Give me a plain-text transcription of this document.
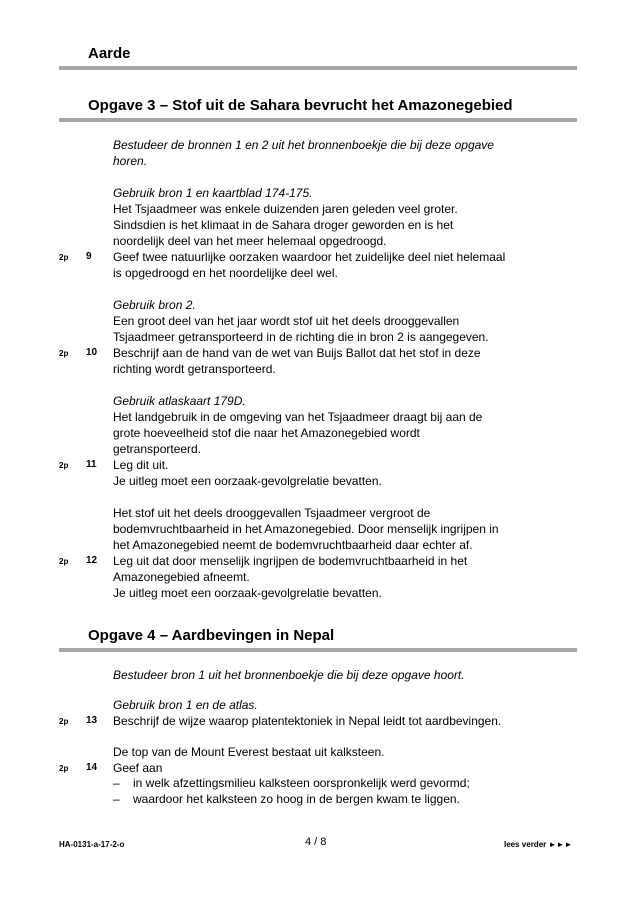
Aarde
Opgave 3 – Stof uit de Sahara bevrucht het Amazonegebied
Bestudeer de bronnen 1 en 2 uit het bronnenboekje die bij deze opgave
horen.
Gebruik bron 1 en kaartblad 174-175.
Het Tsjaadmeer was enkele duizenden jaren geleden veel groter.
Sindsdien is het klimaat in de Sahara droger geworden en is het
noordelijk deel van het meer helemaal opgedroogd.
2p 9 Geef twee natuurlijke oorzaken waardoor het zuidelijke deel niet helemaal
is opgedroogd en het noordelijke deel wel.
Gebruik bron 2.
Een groot deel van het jaar wordt stof uit het deels drooggevallen
Tsjaadmeer getransporteerd in de richting die in bron 2 is aangegeven.
2p 10 Beschrijf aan de hand van de wet van Buijs Ballot dat het stof in deze
richting wordt getransporteerd.
Gebruik atlaskaart 179D.
Het landgebruik in de omgeving van het Tsjaadmeer draagt bij aan de
grote hoeveelheid stof die naar het Amazonegebied wordt
getransporteerd.
2p 11 Leg dit uit.
Je uitleg moet een oorzaak-gevolgrelatie bevatten.
Het stof uit het deels drooggevallen Tsjaadmeer vergroot de
bodemvruchtbaarheid in het Amazonegebied. Door menselijk ingrijpen in
het Amazonegebied neemt de bodemvruchtbaarheid daar echter af.
2p 12 Leg uit dat door menselijk ingrijpen de bodemvruchtbaarheid in het
Amazonegebied afneemt.
Je uitleg moet een oorzaak-gevolgrelatie bevatten.
Opgave 4 – Aardbevingen in Nepal
Bestudeer bron 1 uit het bronnenboekje die bij deze opgave hoort.
Gebruik bron 1 en de atlas.
2p 13 Beschrijf de wijze waarop platentektoniek in Nepal leidt tot aardbevingen.
De top van de Mount Everest bestaat uit kalksteen.
2p 14 Geef aan
– in welk afzettingsmilieu kalksteen oorspronkelijk werd gevormd;
– waardoor het kalksteen zo hoog in de bergen kwam te liggen.
HA-0131-a-17-2-o	4 / 8	lees verder ►►►
